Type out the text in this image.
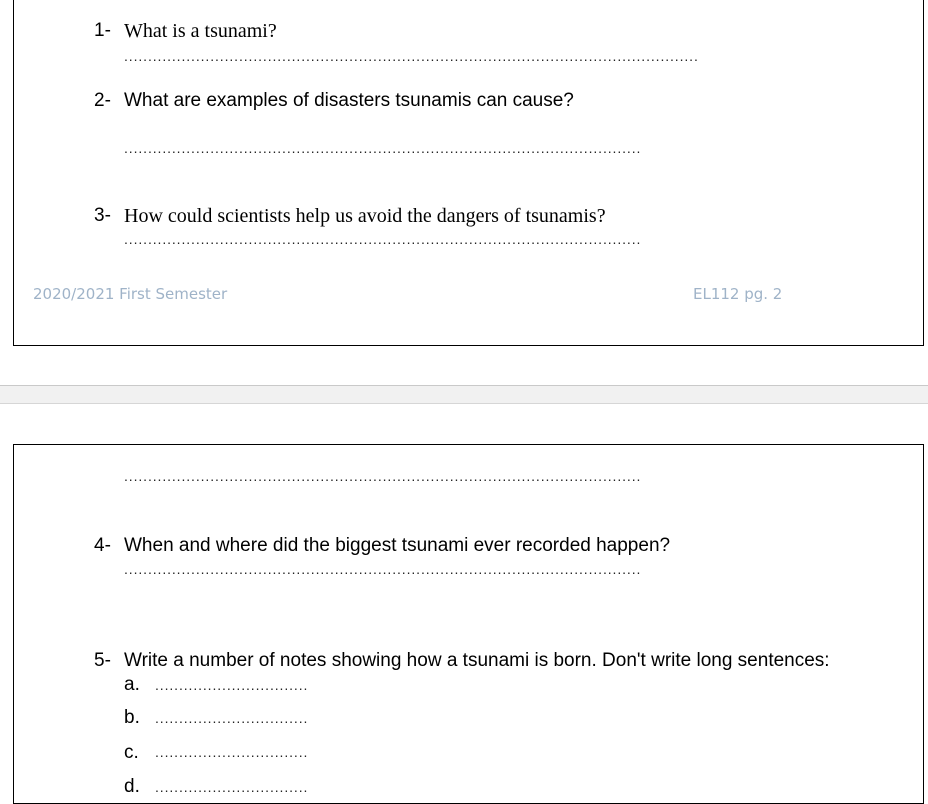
1- What is a tsunami?
........................................................................................................................
2- What are examples of disasters tsunamis can cause?
............................................................................................................
3- How could scientists help us avoid the dangers of tsunamis?
............................................................................................................
2020/2021 First Semester	EL112 pg. 2
............................................................................................................
4- When and where did the biggest tsunami ever recorded happen?
............................................................................................................
5- Write a number of notes showing how a tsunami is born. Don't write long sentences:
a. ................................
b. ................................
c. ................................
d. ................................
